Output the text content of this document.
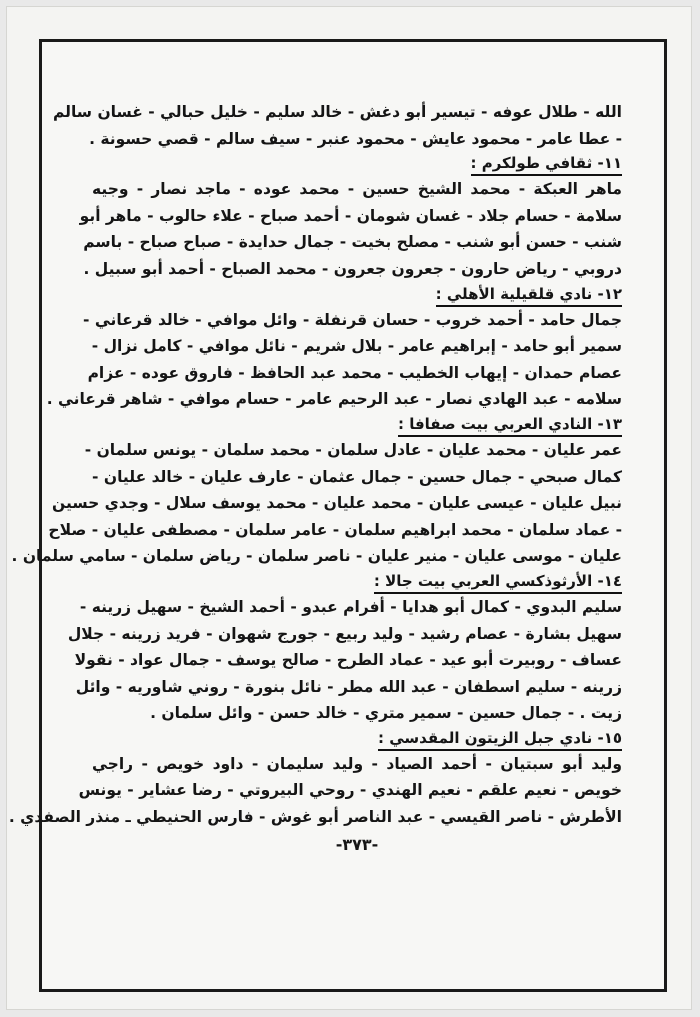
الله - طلال عوفه - تيسير أبو دغش - خالد سليم - خليل حبالي - غسان سالم
- عطا عامر - محمود عايش - محمود عنبر - سيف سالم - قصي حسونة .
١١- ثقافي طولكرم :
ماهر العبكة - محمد الشيخ حسين - محمد عوده - ماجد نصار - وجيه
سلامة - حسام جلاد - غسان شومان - أحمد صباح - علاء حالوب - ماهر أبو
شنب - حسن أبو شنب - مصلح بخيت - جمال حدايدة - صباح صباح - باسم
دروبي - رياض حارون - جعرون جعرون - محمد الصباح - أحمد أبو سبيل .
١٢- نادي قلقيلية الأهلي :
جمال حامد - أحمد خروب - حسان قرنفلة - وائل موافي - خالد قرعاني -
سمير أبو حامد - إبراهيم عامر - بلال شريم - نائل موافي - كامل نزال -
عصام حمدان - إيهاب الخطيب - محمد عبد الحافظ - فاروق عوده - عزام
سلامه - عبد الهادي نصار - عبد الرحيم عامر - حسام موافي - شاهر قرعاني .
١٣- النادي العربي بيت صفافا :
عمر عليان - محمد عليان - عادل سلمان - محمد سلمان - يونس سلمان -
كمال صبحي - جمال حسين - جمال عثمان - عارف عليان - خالد عليان -
نبيل عليان - عيسى عليان - محمد عليان - محمد يوسف سلال - وجدي حسين
- عماد سلمان - محمد ابراهيم سلمان - عامر سلمان - مصطفى عليان - صلاح
عليان - موسى عليان - منير عليان - ناصر سلمان - رياض سلمان - سامي سلمان .
١٤- الأرثوذكسي العربي بيت جالا :
سليم البدوي - كمال أبو هدايا - أفرام عبدو - أحمد الشيخ - سهيل زرينه -
سهيل بشارة - عصام رشيد - وليد ربيع - جورج شهوان - فريد زرينه - جلال
عساف - روبيرت أبو عيد - عماد الطرح - صالح يوسف - جمال عواد - نقولا
زرينه - سليم اسطفان - عبد الله مطر - نائل بنورة - روني شاوريه - وائل
زيت . - جمال حسين - سمير متري - خالد حسن - وائل سلمان .
١٥- نادي جبل الزيتون المقدسي :
وليد أبو سبتيان - أحمد الصياد - وليد سليمان - داود خويص - راجي
خويص - نعيم علقم - نعيم الهندي - روحي البيروتي - رضا عشاير - يونس
الأطرش - ناصر القيسي - عبد الناصر أبو غوش - فارس الحنيطي ـ منذر الصفدي .
-٣٧٣-
